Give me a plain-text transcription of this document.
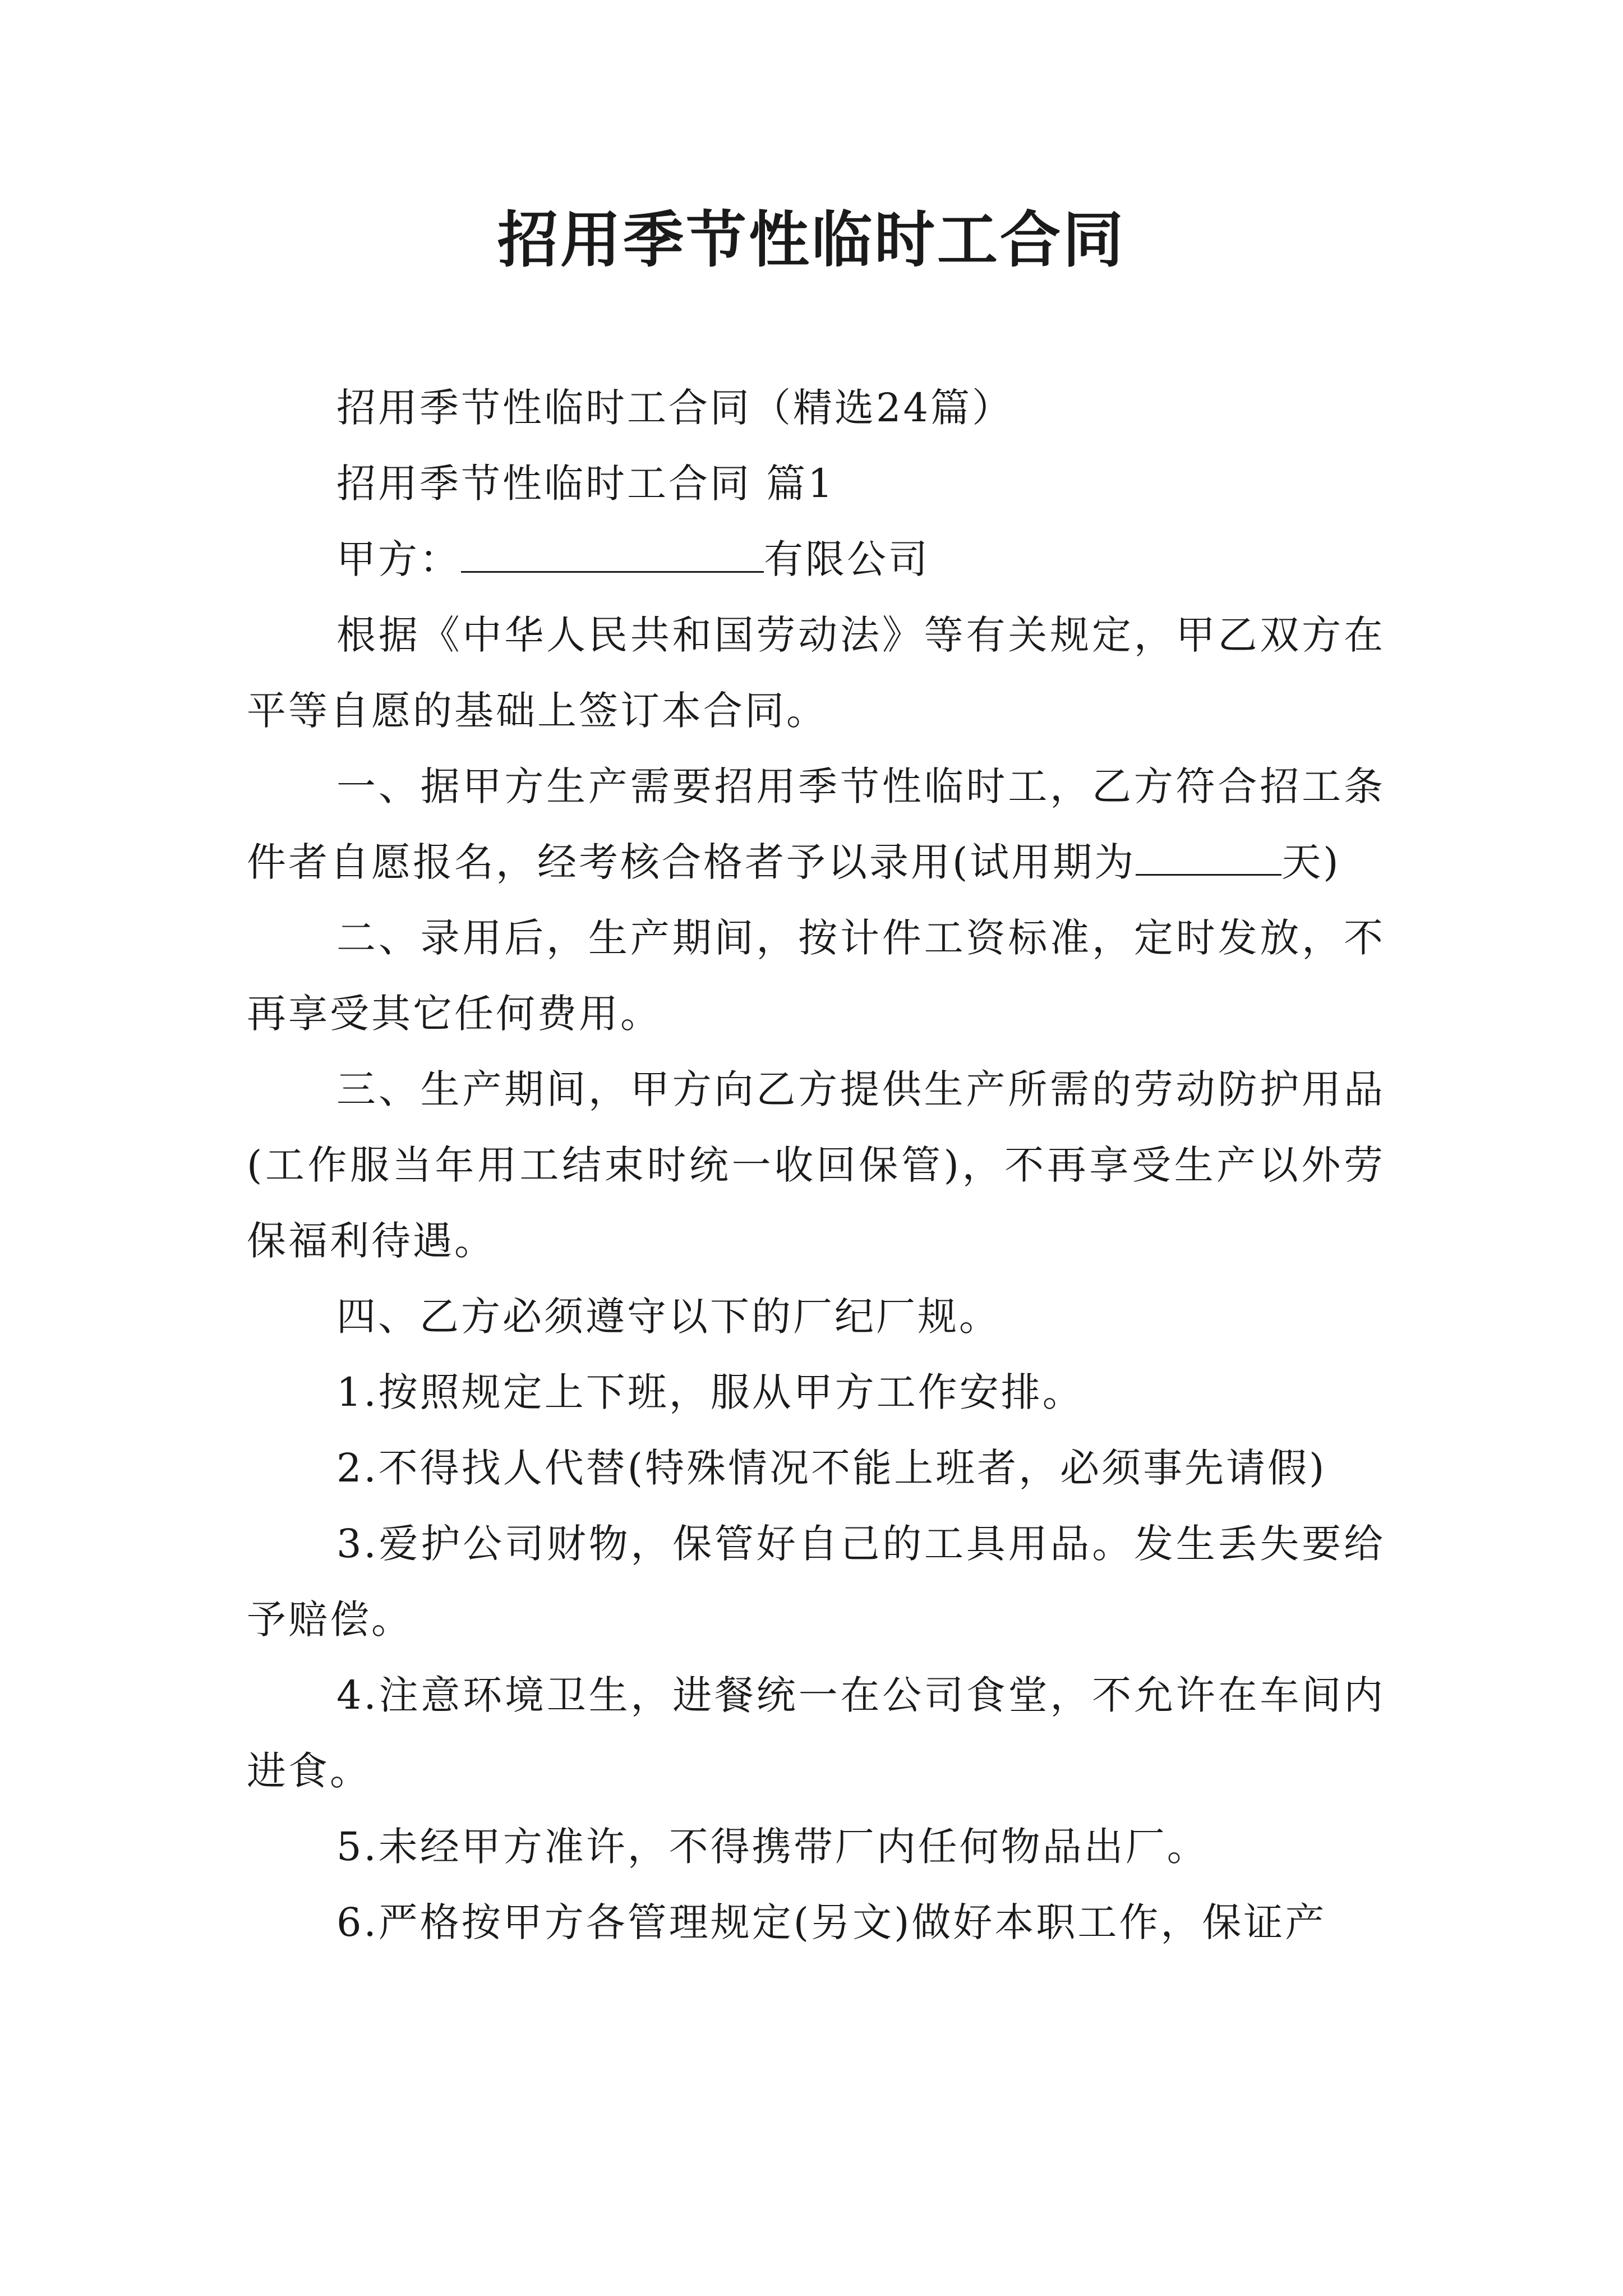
招用季节性临时工合同

招用季节性临时工合同（精选24篇）

招用季节性临时工合同 篇1

甲方：	有限公司

根据《中华人民共和国劳动法》等有关规定，甲乙双方在平等自愿的基础上签订本合同。

一、据甲方生产需要招用季节性临时工，乙方符合招工条件者自愿报名，经考核合格者予以录用(试用期为	天)

二、录用后，生产期间，按计件工资标准，定时发放，不再享受其它任何费用。

三、生产期间，甲方向乙方提供生产所需的劳动防护用品(工作服当年用工结束时统一收回保管)，不再享受生产以外劳保福利待遇。

四、乙方必须遵守以下的厂纪厂规。

1.按照规定上下班，服从甲方工作安排。

2.不得找人代替(特殊情况不能上班者，必须事先请假)

3.爱护公司财物，保管好自己的工具用品。发生丢失要给予赔偿。

4.注意环境卫生，进餐统一在公司食堂，不允许在车间内进食。

5.未经甲方准许，不得携带厂内任何物品出厂。

6.严格按甲方各管理规定(另文)做好本职工作，保证产
